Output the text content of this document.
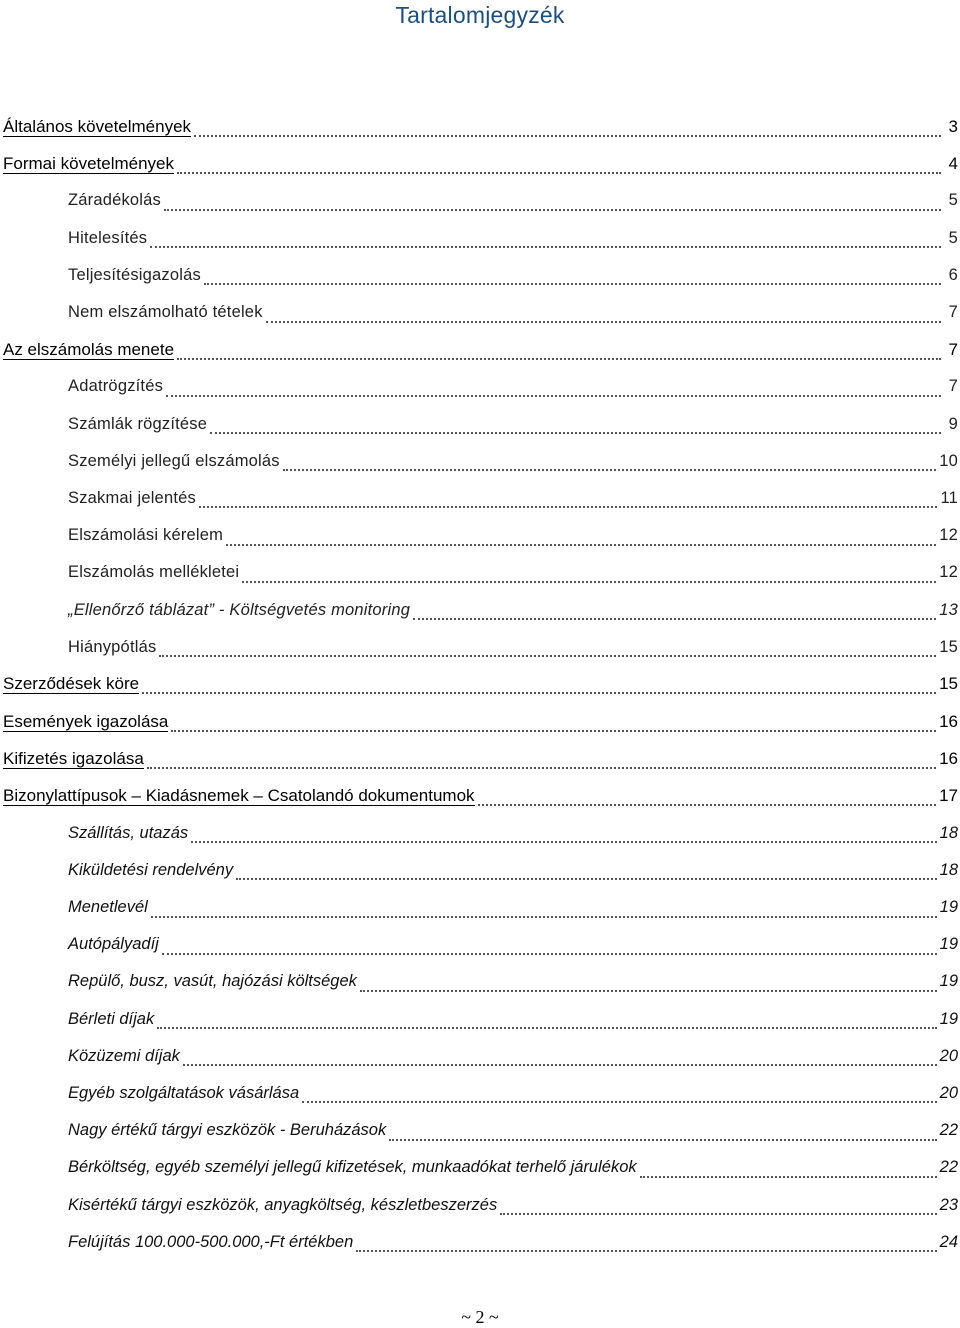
Tartalomjegyzék
Általános követelmények	3
Formai követelmények	4
Záradékolás	5
Hitelesítés	5
Teljesítésigazolás	6
Nem elszámolható tételek	7
Az elszámolás menete	7
Adatrögzítés	7
Számlák rögzítése	9
Személyi jellegű elszámolás	10
Szakmai jelentés	11
Elszámolási kérelem	12
Elszámolás mellékletei	12
„Ellenőrző táblázat” - Költségvetés monitoring	13
Hiánypótlás	15
Szerződések köre	15
Események igazolása	16
Kifizetés igazolása	16
Bizonylattípusok – Kiadásnemek – Csatolandó dokumentumok	17
Szállítás, utazás	18
Kiküldetési rendelvény	18
Menetlevél	19
Autópályadíj	19
Repülő, busz, vasút, hajózási költségek	19
Bérleti díjak	19
Közüzemi díjak	20
Egyéb szolgáltatások vásárlása	20
Nagy értékű tárgyi eszközök - Beruházások	22
Bérköltség, egyéb személyi jellegű kifizetések, munkaadókat terhelő járulékok	22
Kisértékű tárgyi eszközök, anyagköltség, készletbeszerzés	23
Felújítás 100.000-500.000,-Ft értékben	24
~ 2 ~
